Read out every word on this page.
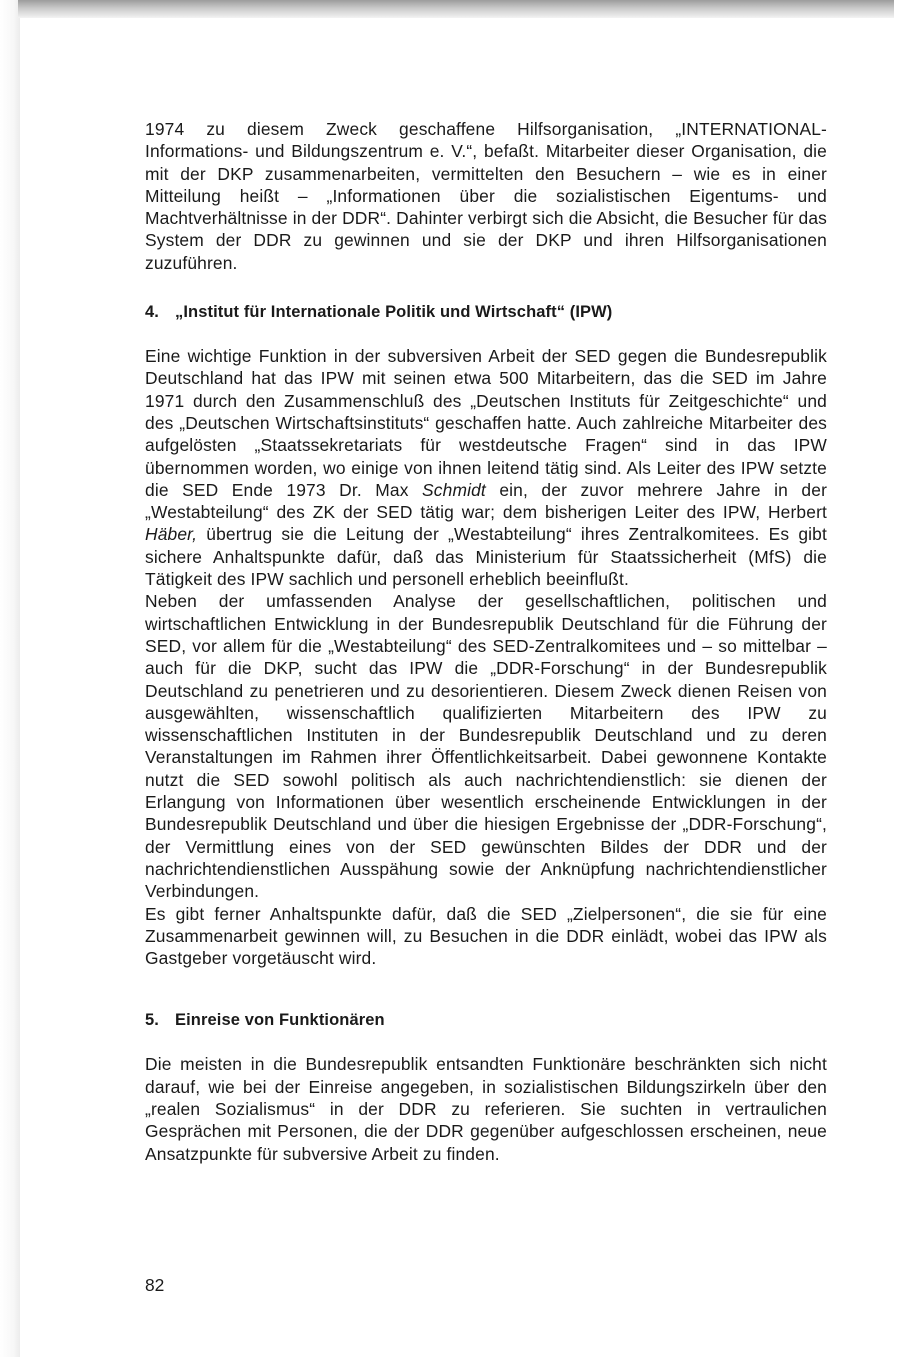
1974 zu diesem Zweck geschaffene Hilfsorganisation, „INTERNATIONAL-Informations- und Bildungszentrum e. V.“, befaßt. Mitarbeiter dieser Organisation, die mit der DKP zusammenarbeiten, vermittelten den Besuchern – wie es in einer Mitteilung heißt – „Informationen über die sozialistischen Eigentums- und Machtverhältnisse in der DDR“. Dahinter verbirgt sich die Absicht, die Besucher für das System der DDR zu gewinnen und sie der DKP und ihren Hilfsorganisationen zuzuführen.

4. „Institut für Internationale Politik und Wirtschaft“ (IPW)

Eine wichtige Funktion in der subversiven Arbeit der SED gegen die Bundesrepublik Deutschland hat das IPW mit seinen etwa 500 Mitarbeitern, das die SED im Jahre 1971 durch den Zusammenschluß des „Deutschen Instituts für Zeitgeschichte“ und des „Deutschen Wirtschaftsinstituts“ geschaffen hatte. Auch zahlreiche Mitarbeiter des aufgelösten „Staatssekretariats für westdeutsche Fragen“ sind in das IPW übernommen worden, wo einige von ihnen leitend tätig sind. Als Leiter des IPW setzte die SED Ende 1973 Dr. Max Schmidt ein, der zuvor mehrere Jahre in der „Westabteilung“ des ZK der SED tätig war; dem bisherigen Leiter des IPW, Herbert Häber, übertrug sie die Leitung der „Westabteilung“ ihres Zentralkomitees. Es gibt sichere Anhaltspunkte dafür, daß das Ministerium für Staatssicherheit (MfS) die Tätigkeit des IPW sachlich und personell erheblich beeinflußt.

Neben der umfassenden Analyse der gesellschaftlichen, politischen und wirtschaftlichen Entwicklung in der Bundesrepublik Deutschland für die Führung der SED, vor allem für die „Westabteilung“ des SED-Zentralkomitees und – so mittelbar – auch für die DKP, sucht das IPW die „DDR-Forschung“ in der Bundesrepublik Deutschland zu penetrieren und zu desorientieren. Diesem Zweck dienen Reisen von ausgewählten, wissenschaftlich qualifizierten Mitarbeitern des IPW zu wissenschaftlichen Instituten in der Bundesrepublik Deutschland und zu deren Veranstaltungen im Rahmen ihrer Öffentlichkeitsarbeit. Dabei gewonnene Kontakte nutzt die SED sowohl politisch als auch nachrichtendienstlich: sie dienen der Erlangung von Informationen über wesentlich erscheinende Entwicklungen in der Bundesrepublik Deutschland und über die hiesigen Ergebnisse der „DDR-Forschung“, der Vermittlung eines von der SED gewünschten Bildes der DDR und der nachrichtendienstlichen Ausspähung sowie der Anknüpfung nachrichtendienstlicher Verbindungen.

Es gibt ferner Anhaltspunkte dafür, daß die SED „Zielpersonen“, die sie für eine Zusammenarbeit gewinnen will, zu Besuchen in die DDR einlädt, wobei das IPW als Gastgeber vorgetäuscht wird.

5. Einreise von Funktionären

Die meisten in die Bundesrepublik entsandten Funktionäre beschränkten sich nicht darauf, wie bei der Einreise angegeben, in sozialistischen Bildungszirkeln über den „realen Sozialismus“ in der DDR zu referieren. Sie suchten in vertraulichen Gesprächen mit Personen, die der DDR gegenüber aufgeschlossen erscheinen, neue Ansatzpunkte für subversive Arbeit zu finden.

82
